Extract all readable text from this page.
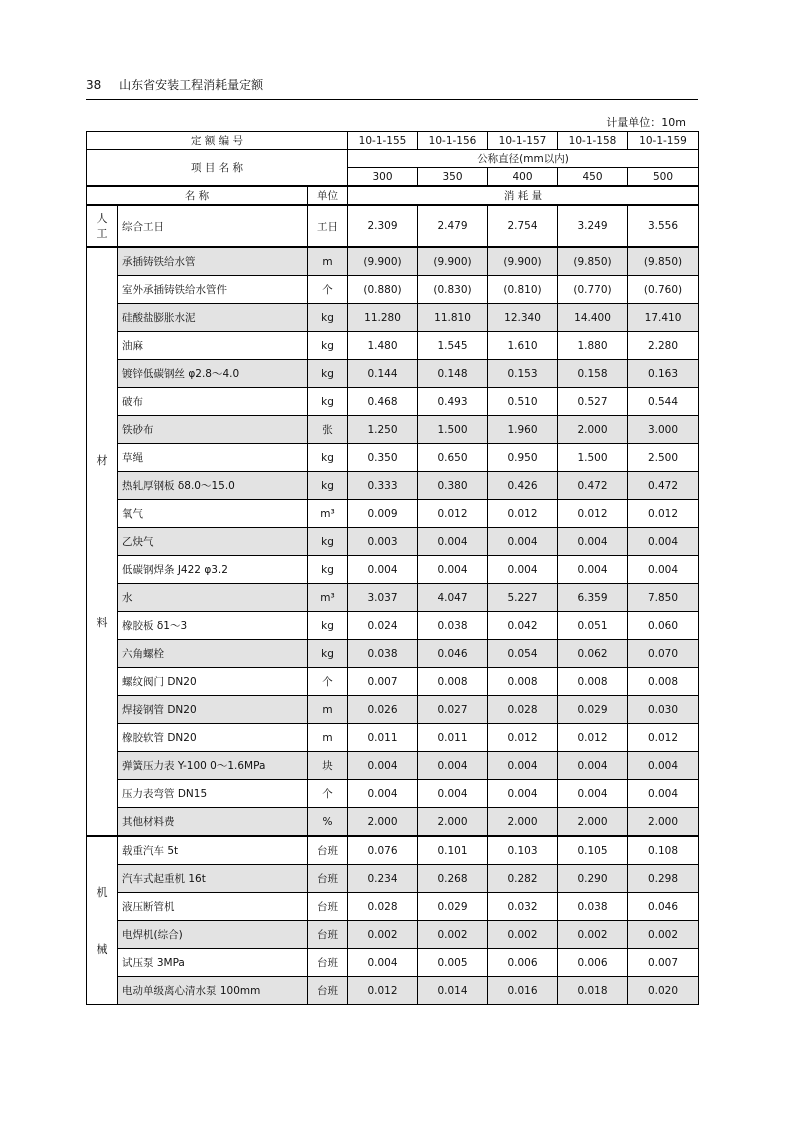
38 山东省安装工程消耗量定额
计量单位：10m
定 额 编 号			10-1-155	10-1-156	10-1-157	10-1-158	10-1-159
项 目 名 称			公称直径(mm以内)				
			300	350	400	450	500
名 称		单位	消 耗 量				

人
工	综合工日	工日	2.309	2.479	2.754	3.249	3.556

材
料	承插铸铁给水管	m	(9.900)	(9.900)	(9.900)	(9.850)	(9.850)
	室外承插铸铁给水管件	个	(0.880)	(0.830)	(0.810)	(0.770)	(0.760)
	硅酸盐膨胀水泥	kg	11.280	11.810	12.340	14.400	17.410
	油麻	kg	1.480	1.545	1.610	1.880	2.280
	镀锌低碳钢丝 φ2.8～4.0	kg	0.144	0.148	0.153	0.158	0.163
	破布	kg	0.468	0.493	0.510	0.527	0.544
	铁砂布	张	1.250	1.500	1.960	2.000	3.000
	草绳	kg	0.350	0.650	0.950	1.500	2.500
	热轧厚钢板 δ8.0～15.0	kg	0.333	0.380	0.426	0.472	0.472
	氧气	m³	0.009	0.012	0.012	0.012	0.012
	乙炔气	kg	0.003	0.004	0.004	0.004	0.004
	低碳钢焊条 J422 φ3.2	kg	0.004	0.004	0.004	0.004	0.004
	水	m³	3.037	4.047	5.227	6.359	7.850
	橡胶板 δ1～3	kg	0.024	0.038	0.042	0.051	0.060
	六角螺栓	kg	0.038	0.046	0.054	0.062	0.070
	螺纹阀门 DN20	个	0.007	0.008	0.008	0.008	0.008
	焊接钢管 DN20	m	0.026	0.027	0.028	0.029	0.030
	橡胶软管 DN20	m	0.011	0.011	0.012	0.012	0.012
	弹簧压力表 Y-100 0～1.6MPa	块	0.004	0.004	0.004	0.004	0.004
	压力表弯管 DN15	个	0.004	0.004	0.004	0.004	0.004
	其他材料费	%	2.000	2.000	2.000	2.000	2.000

机
械	载重汽车 5t	台班	0.076	0.101	0.103	0.105	0.108
	汽车式起重机 16t	台班	0.234	0.268	0.282	0.290	0.298
	液压断管机	台班	0.028	0.029	0.032	0.038	0.046
	电焊机(综合)	台班	0.002	0.002	0.002	0.002	0.002
	试压泵 3MPa	台班	0.004	0.005	0.006	0.006	0.007
	电动单级离心清水泵 100mm	台班	0.012	0.014	0.016	0.018	0.020
